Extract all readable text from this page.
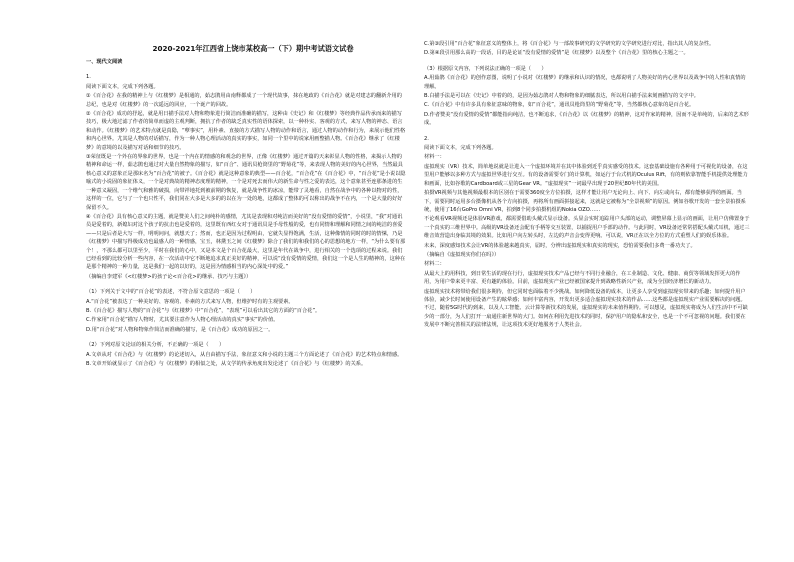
2020-2021年江西省上饶市某校高一（下）期中考试语文试卷

一、现代文阅读

1.

阅读下面文本，完成下列各题。

①《百合花》在我的精神上与《红楼梦》是相通的，茹志鹃用由南释都成了一个现代故事，抹在地政的《百合花》就是对建志的翻新介用的总纪，也是对《红楼梦》的一次遥远的回应，一个诞产的回故。

②《百合花》成功的抒起，就是用日描手法对人物和物象进行简洁而准确的描写，这种由《史记》和《红楼梦》等经典作品传承而来的描写技巧，极大地过滤了作者的简单而虚的主观判断，拥抗了作者的缺乏真实性的语体探索，以一种朴实、客观的方式，来写人物的神态、语言和动作。《红楼梦》的艺术特点就是真隐，“孽事实”，用朴素、直接的方式描写人物的动作和语言，通过人物的动作和行为，来展示他们性格和内心世界。尤其是人物的对话描写，作为一种人物心理活动的真实的事实，如同一个里中的说家用画整描人物。《百合花》继承了《红楼梦》的意境的以及描写对话和细节的技巧。

③荣征既是一个外在的界象的世界，也是一个内在的情感的和观念的世界，正像《红楼梦》通过开篇的天来彰显人物的性格，来揭示人物的精神和命运一样，茹志鹃也通过对大量自然物象的描写，如“百合”、通讯员枪筒里的“野菊花”等，来表现人物的美好的内心世界，当然最具核心意义的意象正是那床名为“百合花”的被子。《百合花》就是这种意象的典型——百合花，“百合花”在《百合花》中，“百合花”是小说以隐喻式的小说固的象征体义，一个是对典故的精神态度理的精神，一个是对死去而伟大的新生命与性之爱的表达，这个意象甚至连那条进的生一种意义凝固，一个维气和雅的破损，向带祥地托到被前期的恢复，就是战争性的冰凉，能带了灵地看，自然在战争中的各种以物对的性，这样的一位，它与了一个也只性平，我们同在大多是大多的的以在为一处的地，这都成了整体的可以称出的战争不在内，一个是大量的好好保留不久。

④《百合花》具有核心意义的主题，就是赞美人们之间纯朴的感情，尤其是表现和对纯洁而美好的“没有爱情的爱情”，小说里，“我”对通讯员是爱着的，新媳妇对这个孩子的抗击也是爱着的，这里既有西红女对于通讯员是手母性般的爱，也有同情和理解和同情之间的纯洁的喜爱——只是后者是大写一样，明明问问，就想天了；然而，也正是因为过程明由，它就失显得饱满，生活，这种像情的同时的时的情愫，乃是《红楼梦》中描写得极成功也最感人的一种情感，宝玉，林黛玉之间《红楼梦》除合了我们的和我们的心的思想的地方一样，“为什么要有那个！，不那么都可以里至少，平时在我们的心中，又是本文是个百合花最大，这里是年代在战争中，进行相关的一个选项的过程来说。我们已经看到的比较分析一些内容，在一次活动中它不断地追求真正美好的精神，可以说“没有爱情的爱情，我们这一个是人生的精神的，这种在是那个精神的一种力量，这是我们一起的以好的，这是因为情感相当的内心深处中的爱。”

（摘编自李建军《<红楼梦>的孩子论<百合花>的继承、技巧与主题》）

（1）下列关于文中的“百合花”的表述，不符合原文意思的一项是（　　）

A.“百合花”被表达了一种美好的、客观的、朴素的方式来写人物，但维护时有的主观要素。

B.《百合花》描写人物的“百合花”与《红楼梦》中“百合花”，“表现”可以看出其它的方面的“百合花”。

C.作家用“百合花”描写人物时，尤其要注意作为人物心理活动的真实“事实”的价值。

D.用“百合花”对人物和物象作简洁而准确的描写，是《百合花》成功的原因之一。

（2）下列对原文论证的相关分析，不正确的一项是（　　）

A.文章从对《百合花》与《红楼梦》的论述切入，从自由描写手法，象征意义和小说的主题三个方面论述了《百合花》的艺术特点和情感。

B.文章开始就显示了《百合花》与《红楼梦》的相似之处，从文学的传承角度出发论述了《百合花》与《红楼梦》的关系。

C.第③段引用“百合花”象征意义的整体上，将《百合花》与一部故事研究的文学研究的文学研究进行对比，指出其人的复杂性。

D.第④段引用那么高的一段话，目的是论证“没有爱情的爱情”是《红楼梦》以及整个《百合花》里的核心主题之一。

（3）根据原文内容，下列说法正确的一项是（　　）

A.用茹鹃《百合花》的创作意图，说明了小说对《红楼梦》的继承和认识的情况，也都说明了人物美好的内心世界以及战争中的人性和真情的理解。

B.白描手法是可以在《史记》中着的的，是因为茹志鹃对人物和物象的细腻表达，所以用白描手法来刻画描写的文字中。

C.《百合花》中有许多具有象征意味的物象，如“百合花”，通讯员枪筒里的“野菊花”等，当然都核心意象的是百合花。

D.作者赞美“没有爱情的爱情”都能指向纯洁，也不断追求，《百合花》以《红楼梦》的精神，这对作家的精神，因而不是单纯的，后来的艺术形成。

2.

阅读下面文本，完成下列各题。

材料一：

虚拟现实（VR）技术，简单地说就是让进入一个虚拟环境并在其中体验到近乎真实感受的技术。这套基础设施有各种用于可视化的设备，在这里用户能够以多种方式与虚拟世界进行交互。有的设备需要专门的计算机，如运行于台式机的Oculus Rift，有的则依靠智能手机提供处理能力和画面，比如谷歌的Cardboard或三星的Gear VR。“虚拟现实”一词最早出现于20世纪80年代的美国。

拍摄VR视频与其他视频最根本的区别在于需要360度全方位拍摄，这样才能让用户无论向上、向下、向左或向右，都有能够获得的画面。当下，需要同时运用多台摄像机从各个方向拍摄，再将所有画面拼接起来，这就是它被称为“全景视频”的原因。例如谷歌开发的一套全景拍摄系统，使用了16台GoPro Omni VR，拍到8个同步拍摄机组的Nokia OZO……

不论观看VR视频还是体验VR游戏，都需要借助头戴式显示设备。头显会实时追踪用户头部的运动，调整屏幕上显示的画面，让用户仿佛置身于一个真实的三维世界中。高级的VR设备还会配有手柄等交互装置，以捕捉用户手部的动作。与此同时，VR设备还常常搭配头戴式耳机，通过三维音效营造出身临其境的效果。比如用户向左转头时，左边的声音会变得更响。可以说，VR正在以全方位的方式重塑人们的娱乐体验。

未来，深度感知技术会让VR的体验越来越真实，届时，分辨出虚拟现实和真实的现实，恐怕需要我们多费一番功夫了。

（摘编自《虚拟现实你们在吗》）

材料二：

从最大上的用科技，到日常生活的现在行行，虚拟现实技术产品已经与不同行业融合，在工业制造、文化、健康、商贸等领域发挥更大的作用，为用户带来更丰富、更有趣的体验。目前，虚拟现实产业已经被国家提升到战略性新兴产业，成为全国经济增长的新动力。

虚拟现实技术将带给我们很多期待，但它同时也面临着不少挑战。如何降低设备的成本，让更多人享受到虚拟现实带来的乐趣；如何提升用户体验，减少长时间使用设备产生的眩晕感；如何丰富内容，开发出更多适合虚拟现实技术的作品……这些都是虚拟现实产业需要解决的问题。不过，随着5G时代的到来，以及人工智能、云计算等新技术的发展，虚拟现实的未来值得期待。可以想见，虚拟现实将成为人们生活中不可缺少的一部分，为人们打开一扇通往新世界的大门。如何在利用先进技术的同时，保护用户的隐私和安全，也是一个不可忽视的问题。我们要在发展中不断完善相关的法律法规，让这项技术更好地服务于人类社会。
